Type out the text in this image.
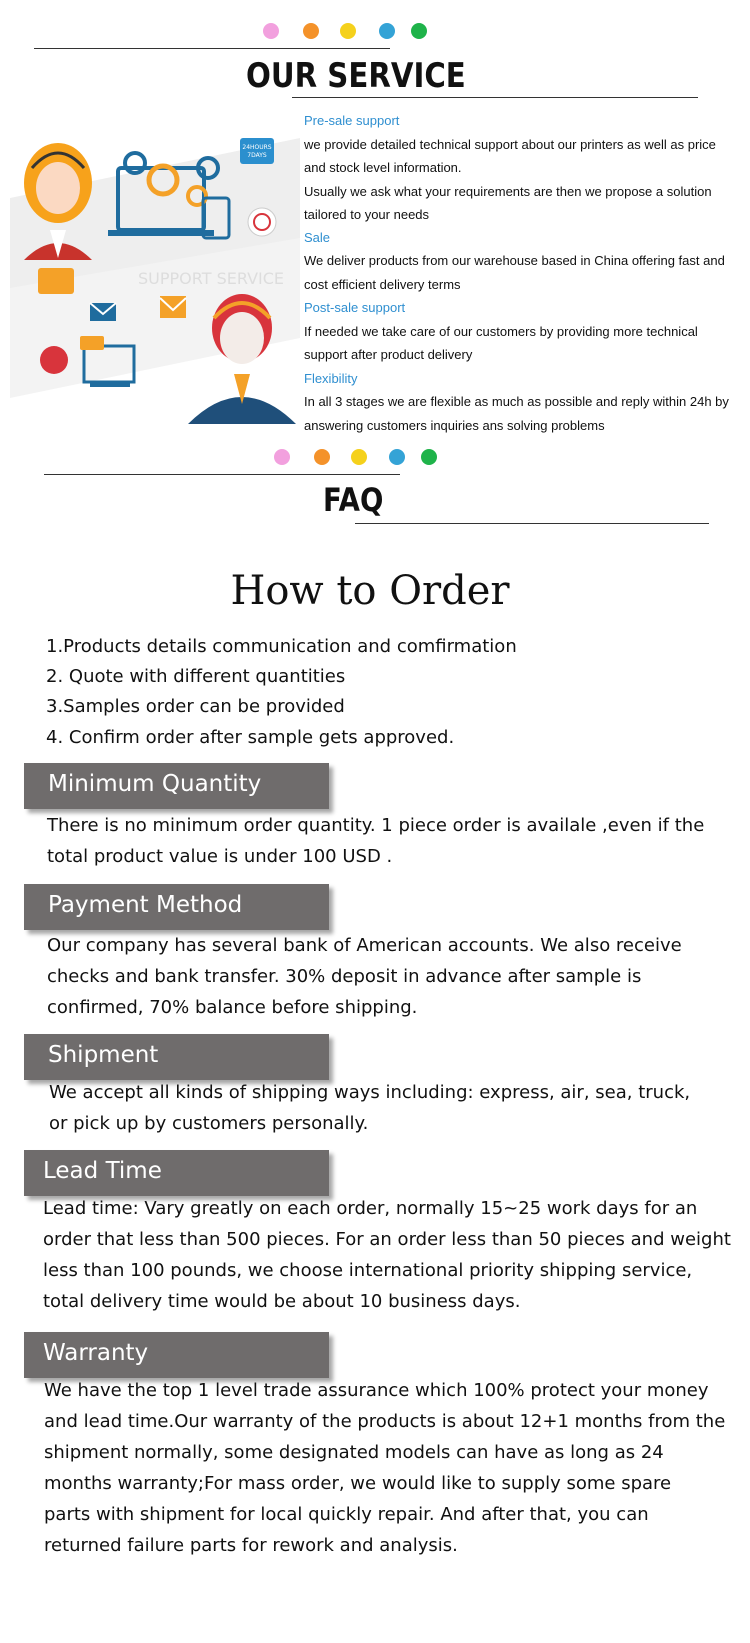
OUR SERVICE
24HOURS
7DAYS
SUPPORT SERVICE
Pre-sale support
we provide detailed technical support about our printers as well as price
and stock level information.
Usually we ask what your requirements are then we propose a solution
tailored to your needs
Sale
We deliver products from our warehouse based in China offering fast and
cost efficient delivery terms
Post-sale support
If needed we take care of our customers by providing more technical
support after product delivery
Flexibility
In all 3 stages we are flexible as much as possible and reply within 24h by
answering customers inquiries ans solving problems
FAQ
How to Order
1.Products details communication and comfirmation
2. Quote with different quantities
3.Samples order can be provided
4. Confirm order after sample gets approved.
Minimum Quantity
There is no minimum order quantity. 1 piece order is availale ,even if the
total product value is under 100 USD .
Payment Method
Our company has several bank of American accounts. We also receive
checks and bank transfer. 30% deposit in advance after sample is
confirmed, 70% balance before shipping.
Shipment
We accept all kinds of shipping ways including: express, air, sea, truck,
or pick up by customers personally.
Lead Time
Lead time: Vary greatly on each order, normally 15~25 work days for an
order that less than 500 pieces. For an order less than 50 pieces and weight
less than 100 pounds, we choose international priority shipping service,
total delivery time would be about 10 business days.
Warranty
We have the top 1 level trade assurance which 100% protect your money
and lead time.Our warranty of the products is about 12+1 months from the
shipment normally, some designated models can have as long as 24
months warranty;For mass order, we would like to supply some spare
parts with shipment for local quickly repair. And after that, you can
returned failure parts for rework and analysis.
